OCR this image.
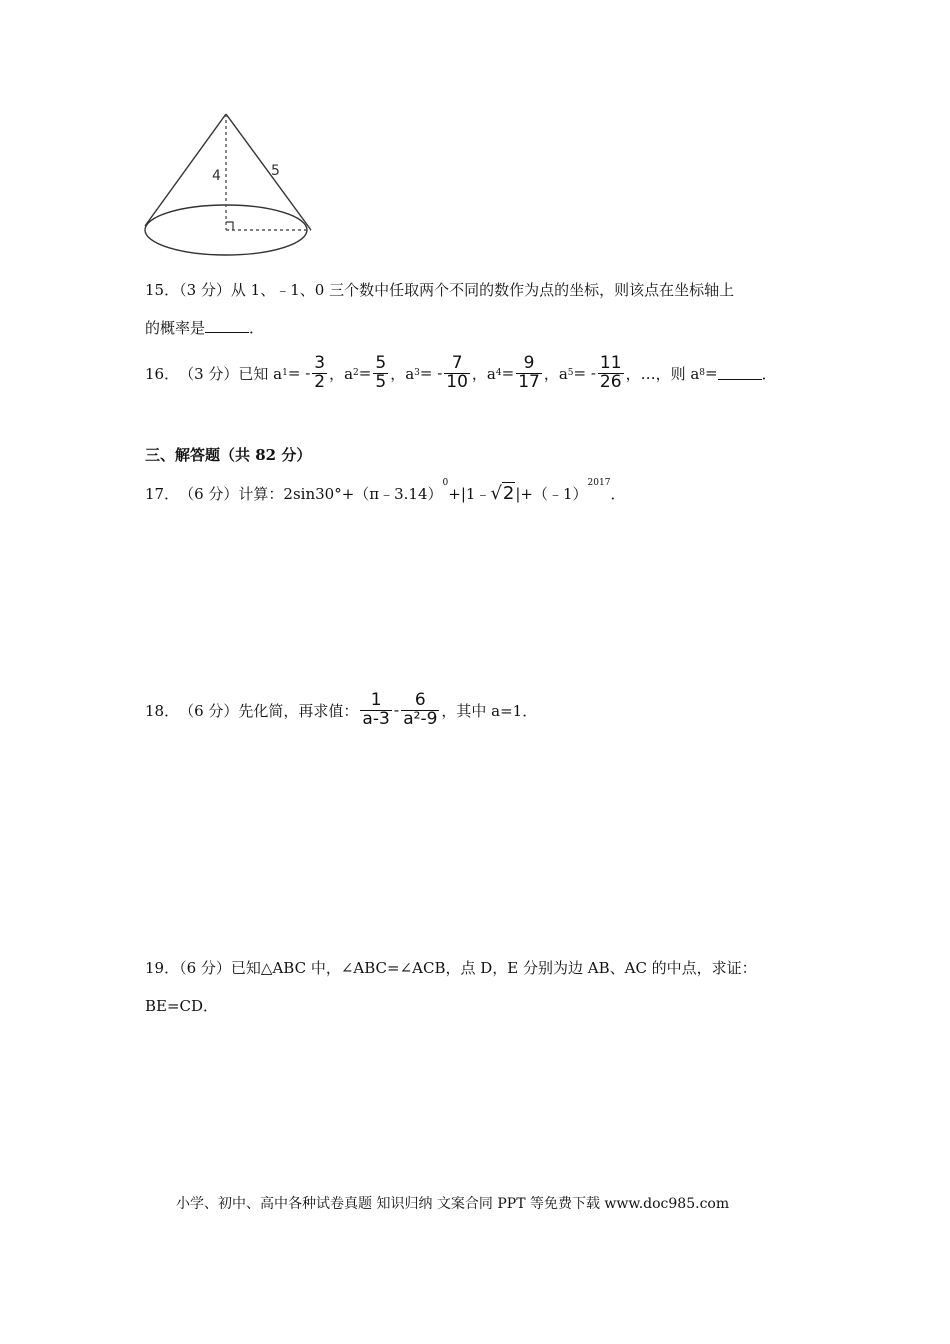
4	5
15．（3 分）从 1、﹣1、0 三个数中任取两个不同的数作为点的坐标，则该点在坐标轴上
的概率是	．
16． （3 分） 已知 a 1 = - $\frac{3}{2}$ ，a $2 = \frac{5}{5}$ ，a 3 = - $\frac{7}{10}$ ，a $4 = \frac{9}{17}$ ，a 5 = - $\frac{11}{26}$ ， …，则 a 8 =	．
三、解答题（共 82 分）
17． （6 分） 计算：2sin30°+（π﹣3.14）
$^0$
+|1﹣ √2 |+（﹣1）
$^{2017}$
．
18． （6 分） 先化简，再求值： $\frac{1}{a-3} - \frac{6}{\text{a²-9}}$ ，其中 a=1．
19．（6 分）已知△ABC 中，∠ABC=∠ACB，点 D，E 分别为边 AB、AC 的中点，求证：
BE=CD．
小学、初中、高中各种试卷真题 知识归纳 文案合同 PPT 等免费下载 www.doc985.com
